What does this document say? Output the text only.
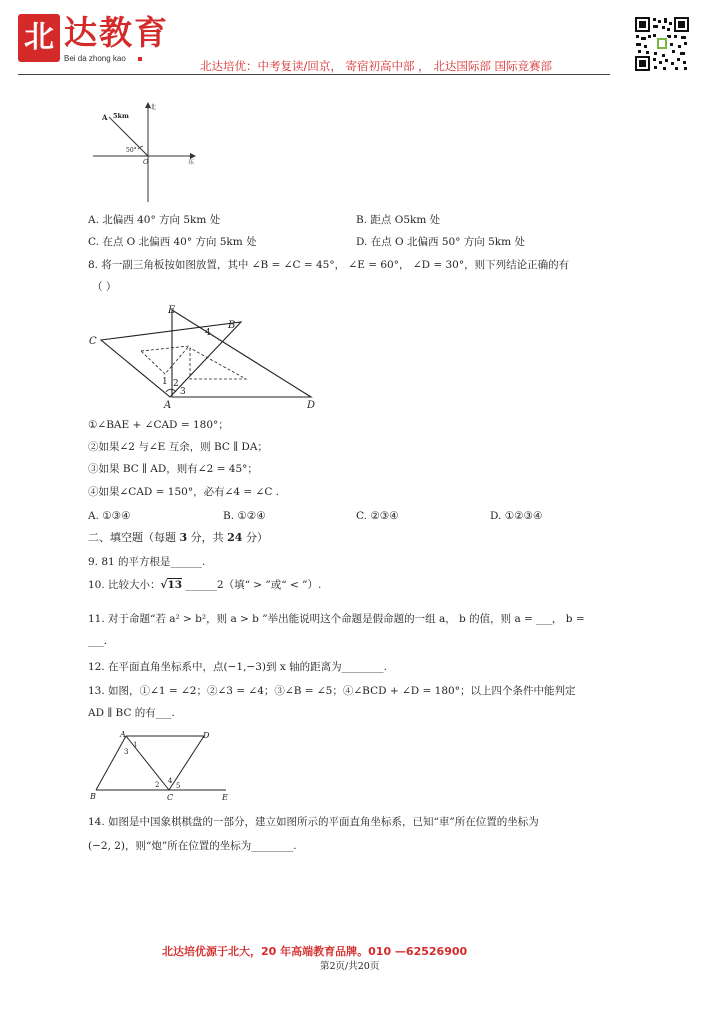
北 达教育
Bei da zhong kao
北达培优：中考复读/回京， 寄宿初高中部 ， 北达国际部 国际竞赛部
A 5km
50°
O
北
东
A. 北偏西 40° 方向 5km 处	B. 距点 O5km 处
C. 在点 O 北偏西 40° 方向 5km 处	D. 在点 O 北偏西 50° 方向 5km 处
8. 将一副三角板按如图放置，其中 ∠B = ∠C = 45°， ∠E = 60°， ∠D = 30°，则下列结论正确的有
（ ）
E
B
C
A	D
1 2
3
4
①∠BAE + ∠CAD = 180°；
②如果∠2 与∠E 互余，则 BC ∥ DA；
③如果 BC ∥ AD，则有∠2 = 45°；
④如果∠CAD = 150°，必有∠4 = ∠C .
A. ①③④	B. ①②④	C. ②③④	D. ①②③④
二、填空题（每题 3 分，共 24 分）
9. 81 的平方根是______.
10. 比较大小：√13 ______2（填“ > ”或“ < ”）.
11. 对于命题“若 a² > b²，则 a > b ”举出能说明这个命题是假命题的一组 a， b 的值，则 a = ___， b =
___.
12. 在平面直角坐标系中，点(−1,−3)到 x 轴的距离为________.
13. 如图，①∠1 = ∠2；②∠3 = ∠4；③∠B = ∠5；④∠BCD + ∠D = 180°；以上四个条件中能判定
AD ∥ BC 的有___.
A	D
B	C	E
1
3
2 4
5
14. 如图是中国象棋棋盘的一部分，建立如图所示的平面直角坐标系，已知“車”所在位置的坐标为
(−2, 2)，则“炮”所在位置的坐标为________.
北达培优源于北大，20 年高端教育品牌。010 —62526900
第2页/共20页
